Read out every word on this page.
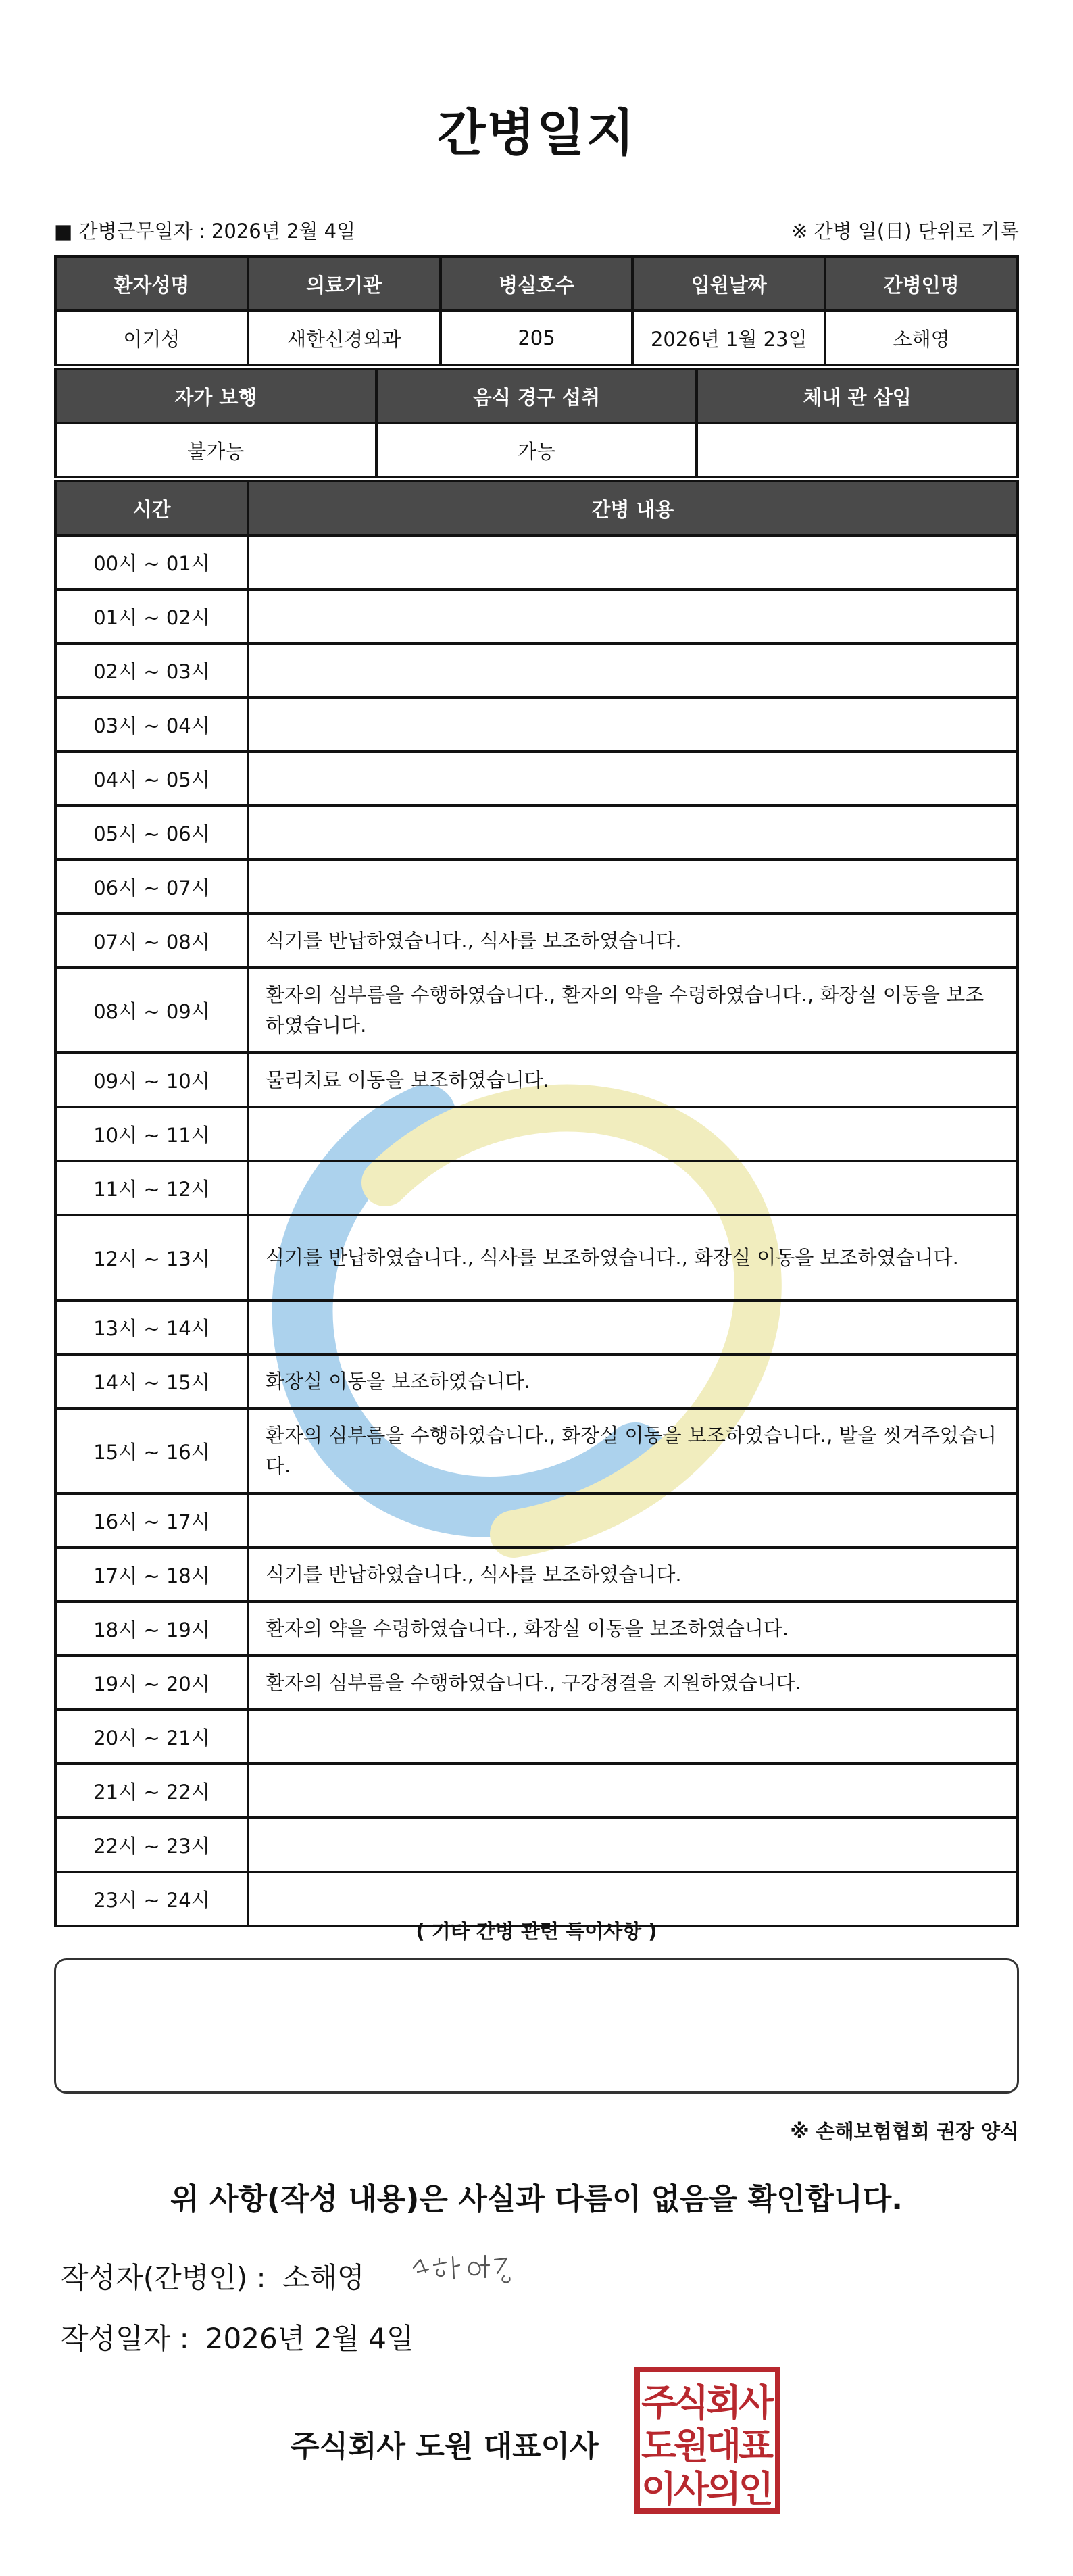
간병일지
■ 간병근무일자 : 2026년 2월 4일	※ 간병 일(日) 단위로 기록
환자성명	의료기관	병실호수	입원날짜	간병인명
이기성	새한신경외과	205	2026년 1월 23일	소해영
자가 보행	음식 경구 섭취	체내 관 삽입
불가능	가능	
시간	간병 내용
00시 ~ 01시	
01시 ~ 02시	
02시 ~ 03시	
03시 ~ 04시	
04시 ~ 05시	
05시 ~ 06시	
06시 ~ 07시	
07시 ~ 08시	식기를 반납하였습니다., 식사를 보조하였습니다.
08시 ~ 09시	환자의 심부름을 수행하였습니다., 환자의 약을 수령하였습니다., 화장실 이동을 보조하였습니다.
09시 ~ 10시	물리치료 이동을 보조하였습니다.
10시 ~ 11시	
11시 ~ 12시	
12시 ~ 13시	식기를 반납하였습니다., 식사를 보조하였습니다., 화장실 이동을 보조하였습니다.
13시 ~ 14시	
14시 ~ 15시	화장실 이동을 보조하였습니다.
15시 ~ 16시	환자의 심부름을 수행하였습니다., 화장실 이동을 보조하였습니다., 발을 씻겨주었습니다.
16시 ~ 17시	
17시 ~ 18시	식기를 반납하였습니다., 식사를 보조하였습니다.
18시 ~ 19시	환자의 약을 수령하였습니다., 화장실 이동을 보조하였습니다.
19시 ~ 20시	환자의 심부름을 수행하였습니다., 구강청결을 지원하였습니다.
20시 ~ 21시	
21시 ~ 22시	
22시 ~ 23시	
23시 ~ 24시	
( 기타 간병 관련 특이사항 )
※ 손해보험협회 권장 양식
위 사항(작성 내용)은 사실과 다름이 없음을 확인합니다.
작성자(간병인) : 소해영
작성일자 : 2026년 2월 4일
주식회사 도원 대표이사
주식회사
도원대표
이사의인
